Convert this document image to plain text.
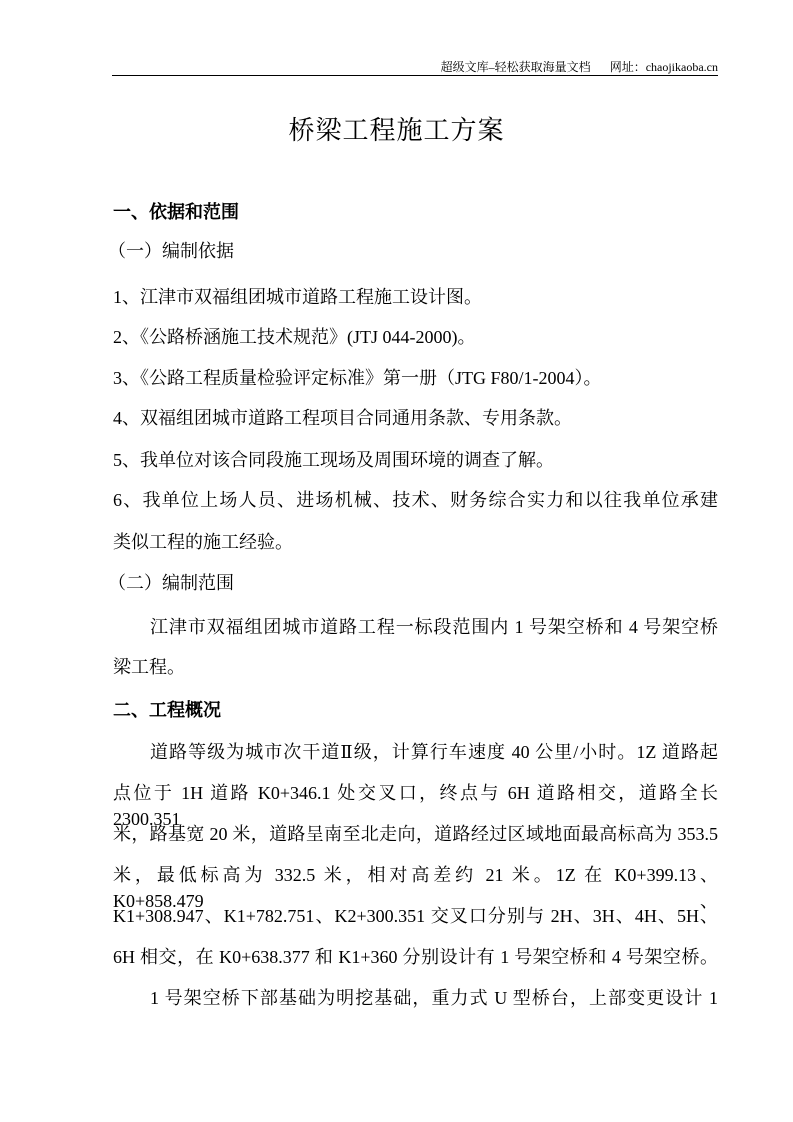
超级文库–轻松获取海量文档 网址：chaojikaoba.cn
桥梁工程施工方案
一、依据和范围
（一）编制依据
1、江津市双福组团城市道路工程施工设计图。
2、《公路桥涵施工技术规范》(JTJ 044-2000)。
3、《公路工程质量检验评定标准》第一册（JTG F80/1-2004）。
4、双福组团城市道路工程项目合同通用条款、专用条款。
5、我单位对该合同段施工现场及周围环境的调查了解。
6、我单位上场人员、进场机械、技术、财务综合实力和以往我单位承建
类似工程的施工经验。
（二）编制范围
江津市双福组团城市道路工程一标段范围内 1 号架空桥和 4 号架空桥
梁工程。
二、工程概况
道路等级为城市次干道Ⅱ级，计算行车速度 40 公里/小时。1Z 道路起
点位于 1H 道路 K0+346.1 处交叉口，终点与 6H 道路相交，道路全长 2300.351
米，路基宽 20 米，道路呈南至北走向，道路经过区域地面最高标高为 353.5
米，最低标高为 332.5 米，相对高差约 21 米。1Z 在 K0+399.13、K0+858.479、
K1+308.947、K1+782.751、K2+300.351 交叉口分别与 2H、3H、4H、5H、
6H 相交，在 K0+638.377 和 K1+360 分别设计有 1 号架空桥和 4 号架空桥。
1 号架空桥下部基础为明挖基础，重力式 U 型桥台，上部变更设计 1
